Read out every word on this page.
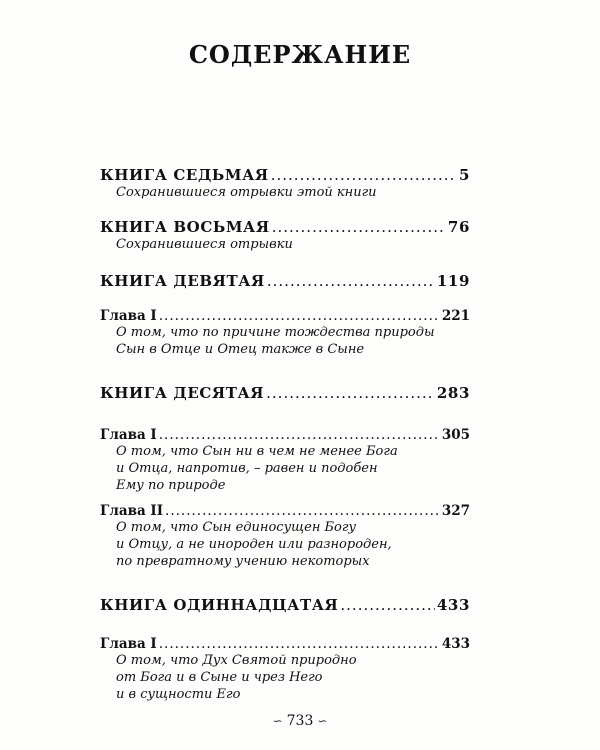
СОДЕРЖАНИЕ
КНИГА СЕДЬМАЯ .....	5
Сохранившиеся отрывки этой книги
КНИГА ВОСЬМАЯ .....	76
Сохранившиеся отрывки
КНИГА ДЕВЯТАЯ .....	119
Глава I .....	221
О том, что по причине тождества природы
Сын в Отце и Отец также в Сыне
КНИГА ДЕСЯТАЯ .....	283
Глава I .....	305
О том, что Сын ни в чем не менее Бога
и Отца, напротив, – равен и подобен
Ему по природе
Глава II .....	327
О том, что Сын единосущен Богу
и Отцу, а не инороден или разнороден,
по превратному учению некоторых
КНИГА ОДИННАДЦАТАЯ .....	433
Глава I .....	433
О том, что Дух Святой природно
от Бога и в Сыне и чрез Него
и в сущности Его
∽ 733 ∽
